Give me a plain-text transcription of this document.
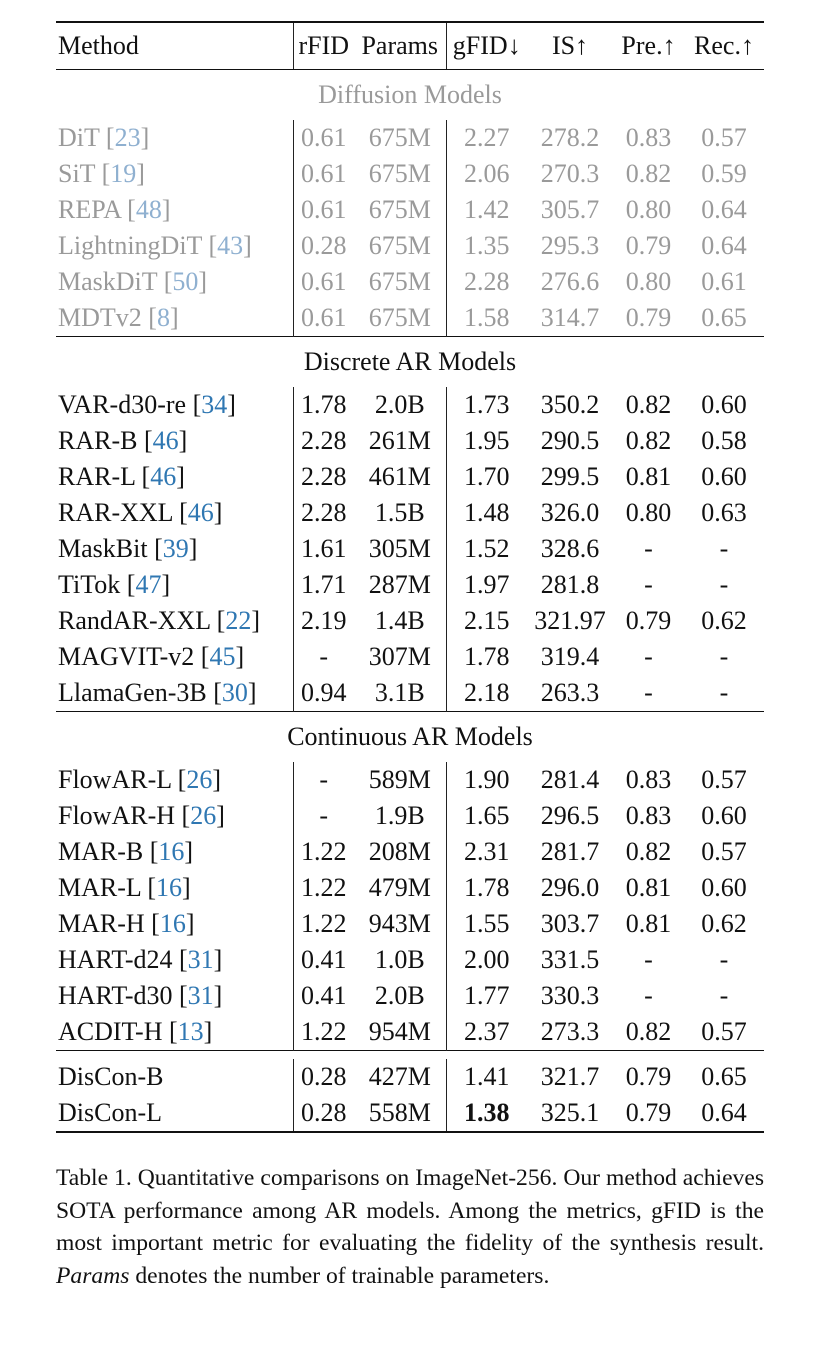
Method	rFID	Params	gFID↓	IS↑	Pre.↑	Rec.↑
Diffusion Models						
DiT [23]	0.61	675M	2.27	278.2	0.83	0.57
SiT [19]	0.61	675M	2.06	270.3	0.82	0.59
REPA [48]	0.61	675M	1.42	305.7	0.80	0.64
LightningDiT [43]	0.28	675M	1.35	295.3	0.79	0.64
MaskDiT [50]	0.61	675M	2.28	276.6	0.80	0.61
MDTv2 [8]	0.61	675M	1.58	314.7	0.79	0.65
Discrete AR Models						
VAR-d30-re [34]	1.78	2.0B	1.73	350.2	0.82	0.60
RAR-B [46]	2.28	261M	1.95	290.5	0.82	0.58
RAR-L [46]	2.28	461M	1.70	299.5	0.81	0.60
RAR-XXL [46]	2.28	1.5B	1.48	326.0	0.80	0.63
MaskBit [39]	1.61	305M	1.52	328.6	-	-
TiTok [47]	1.71	287M	1.97	281.8	-	-
RandAR-XXL [22]	2.19	1.4B	2.15	321.97	0.79	0.62
MAGVIT-v2 [45]	-	307M	1.78	319.4	-	-
LlamaGen-3B [30]	0.94	3.1B	2.18	263.3	-	-
Continuous AR Models						
FlowAR-L [26]	-	589M	1.90	281.4	0.83	0.57
FlowAR-H [26]	-	1.9B	1.65	296.5	0.83	0.60
MAR-B [16]	1.22	208M	2.31	281.7	0.82	0.57
MAR-L [16]	1.22	479M	1.78	296.0	0.81	0.60
MAR-H [16]	1.22	943M	1.55	303.7	0.81	0.62
HART-d24 [31]	0.41	1.0B	2.00	331.5	-	-
HART-d30 [31]	0.41	2.0B	1.77	330.3	-	-
ACDIT-H [13]	1.22	954M	2.37	273.3	0.82	0.57

DisCon-B	0.28	427M	1.41	321.7	0.79	0.65
DisCon-L	0.28	558M	1.38	325.1	0.79	0.64
Table 1. Quantitative comparisons on ImageNet-256. Our method achieves SOTA performance among AR models. Among the metrics, gFID is the most important metric for evaluating the fidelity of the synthesis result. Params denotes the number of trainable parameters.
